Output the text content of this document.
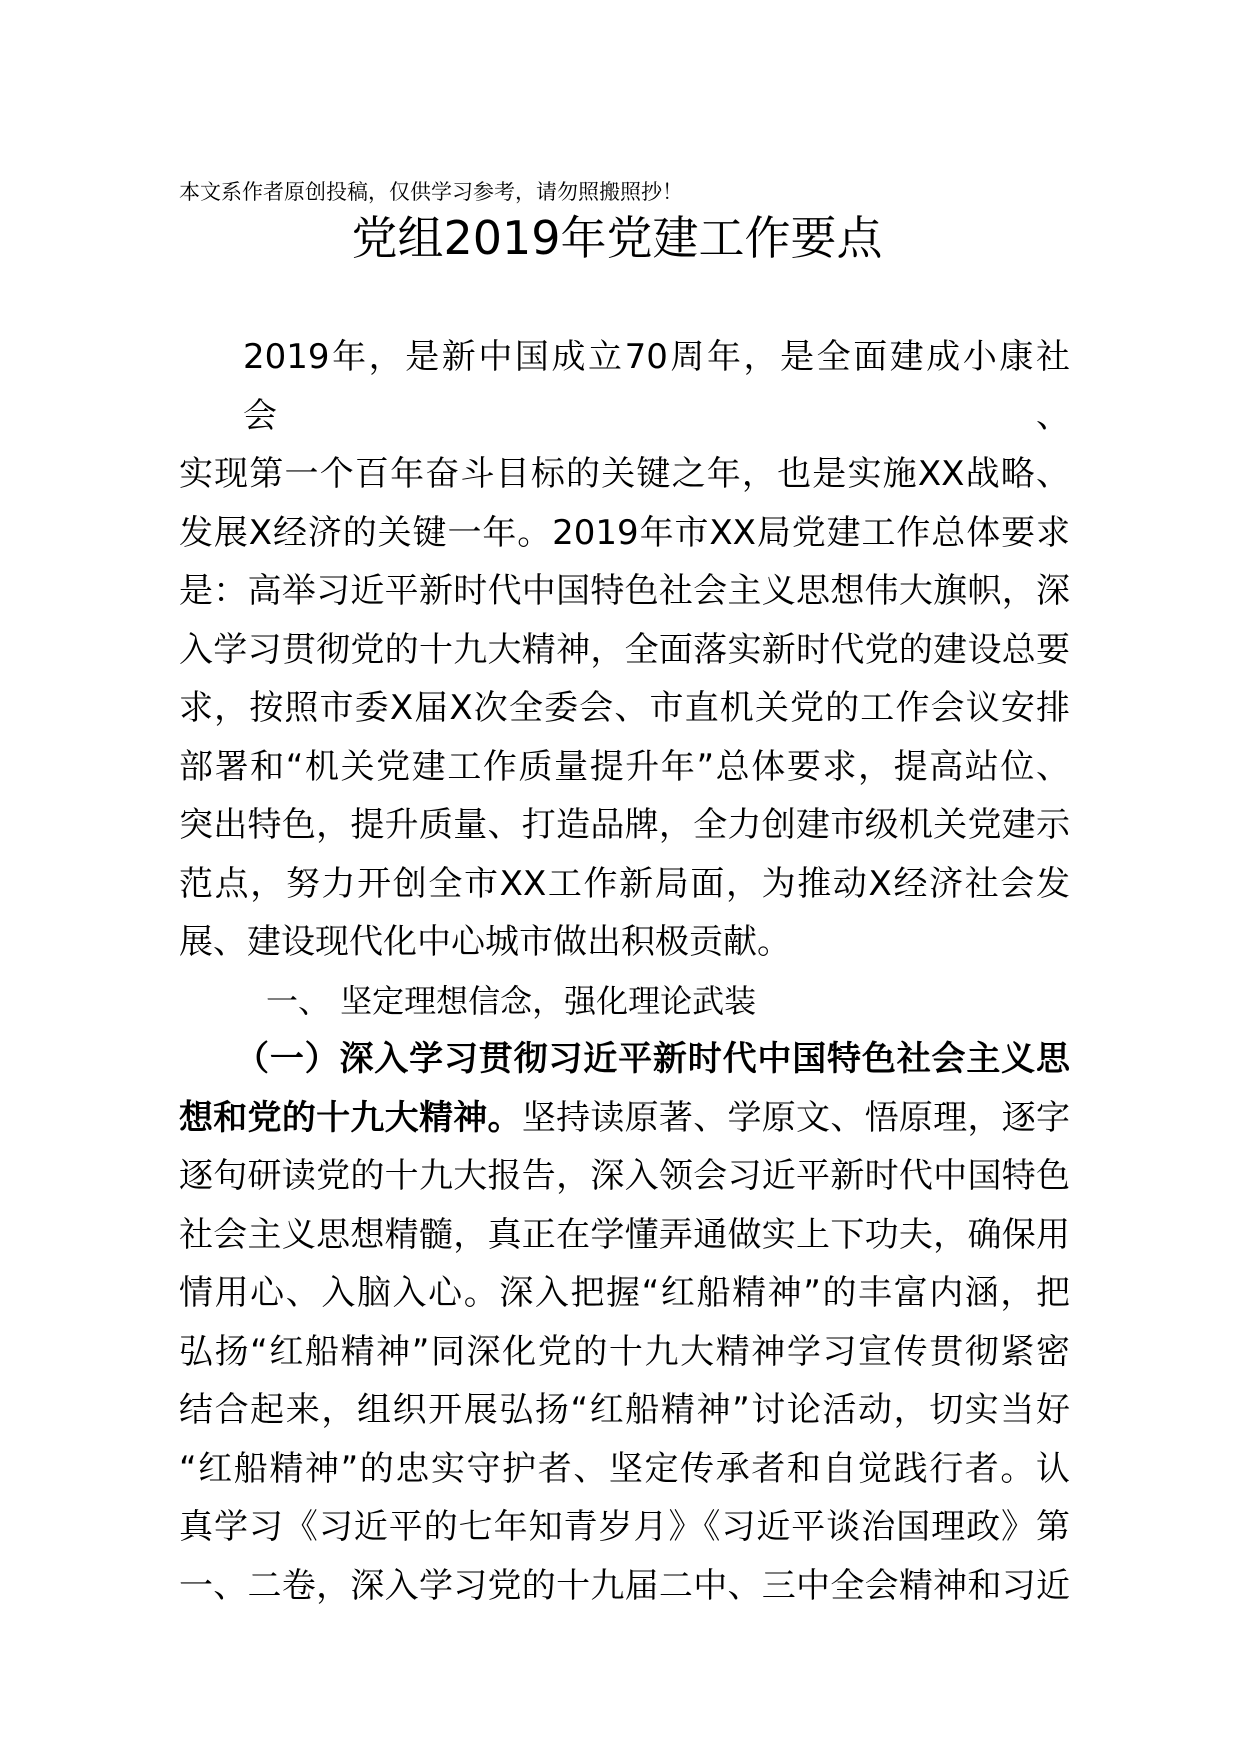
本文系作者原创投稿，仅供学习参考，请勿照搬照抄！
党组2019年党建工作要点
2019年，是新中国成立70周年，是全面建成小康社会、
实现第一个百年奋斗目标的关键之年，也是实施XX战略、
发展X经济的关键一年。2019年市XX局党建工作总体要求
是：高举习近平新时代中国特色社会主义思想伟大旗帜，深
入学习贯彻党的十九大精神，全面落实新时代党的建设总要
求，按照市委X届X次全委会、市直机关党的工作会议安排
部署和“机关党建工作质量提升年”总体要求，提高站位、
突出特色，提升质量、打造品牌，全力创建市级机关党建示
范点，努力开创全市XX工作新局面，为推动X经济社会发
展、建设现代化中心城市做出积极贡献。
一、 坚定理想信念，强化理论武装
（一）深入学习贯彻习近平新时代中国特色社会主义思
想和党的十九大精神。坚持读原著、学原文、悟原理，逐字
逐句研读党的十九大报告，深入领会习近平新时代中国特色
社会主义思想精髓，真正在学懂弄通做实上下功夫，确保用
情用心、入脑入心。深入把握“红船精神”的丰富内涵，把
弘扬“红船精神”同深化党的十九大精神学习宣传贯彻紧密
结合起来，组织开展弘扬“红船精神”讨论活动，切实当好
“红船精神”的忠实守护者、坚定传承者和自觉践行者。认
真学习《习近平的七年知青岁月》《习近平谈治国理政》第
一、二卷，深入学习党的十九届二中、三中全会精神和习近
